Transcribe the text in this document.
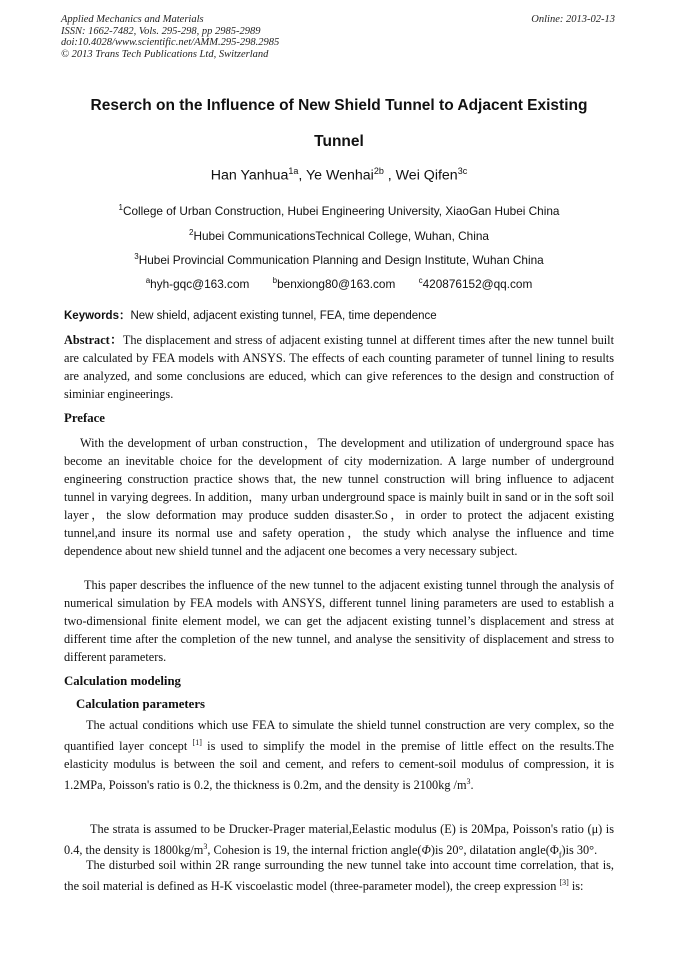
Applied Mechanics and Materials
ISSN: 1662-7482, Vols. 295-298, pp 2985-2989
doi:10.4028/www.scientific.net/AMM.295-298.2985
© 2013 Trans Tech Publications Ltd, Switzerland
Online: 2013-02-13
Reserch on the Influence of New Shield Tunnel to Adjacent Existing
Tunnel
Han Yanhua$^{1a}$, Ye Wenhai$^{2b}$ , Wei Qifen$^{3c}$
$^1$College of Urban Construction, Hubei Engineering University, XiaoGan Hubei China
$^2$Hubei CommunicationsTechnical College, Wuhan, China
$^3$Hubei Provincial Communication Planning and Design Institute, Wuhan China
$^a$hyh-gqc@163.com	$^b$benxiong80@163.com	$^c$420876152@qq.com
Keywords：New shield, adjacent existing tunnel, FEA, time dependence
Abstract：The displacement and stress of adjacent existing tunnel at different times after the new tunnel built are calculated by FEA models with ANSYS. The effects of each counting parameter of tunnel lining to results are analyzed, and some conclusions are educed, which can give references to the design and construction of siminiar engineerings.
Preface
With the development of urban construction，The development and utilization of underground space has become an inevitable choice for the development of city modernization. A large number of underground engineering construction practice shows that, the new tunnel construction will bring influence to adjacent tunnel in varying degrees. In addition，many urban underground space is mainly built in sand or in the soft soil layer，the slow deformation may produce sudden disaster.So，in order to protect the adjacent existing tunnel,and insure its normal use and safety operation，the study which analyse the influence and time dependence about new shield tunnel and the adjacent one becomes a very necessary subject.
This paper describes the influence of the new tunnel to the adjacent existing tunnel through the analysis of numerical simulation by FEA models with ANSYS, different tunnel lining parameters are used to establish a two-dimensional finite element model, we can get the adjacent existing tunnel’s displacement and stress at different time after the completion of the new tunnel, and analyse the sensitivity of displacement and stress to different parameters.
Calculation modeling
Calculation parameters
The actual conditions which use FEA to simulate the shield tunnel construction are very complex, so the quantified layer concept [1] is used to simplify the model in the premise of little effect on the results.The elasticity modulus is between the soil and cement, and refers to cement-soil modulus of compression, it is 1.2MPa, Poisson's ratio is 0.2, the thickness is 0.2m, and the density is 2100kg /m$^3$.
The strata is assumed to be Drucker-Prager material,Eelastic modulus (E) is 20Mpa, Poisson's ratio (μ) is 0.4, the density is 1800kg/m$^3$, Cohesion is 19, the internal friction angle(Φ)is 20°, dilatation $angle(\Phi_f)is$ 30°.
The disturbed soil within 2R range surrounding the new tunnel take into account time correlation, that is, the soil material is defined as H-K viscoelastic model (three-parameter model), the creep expression [3] is:
